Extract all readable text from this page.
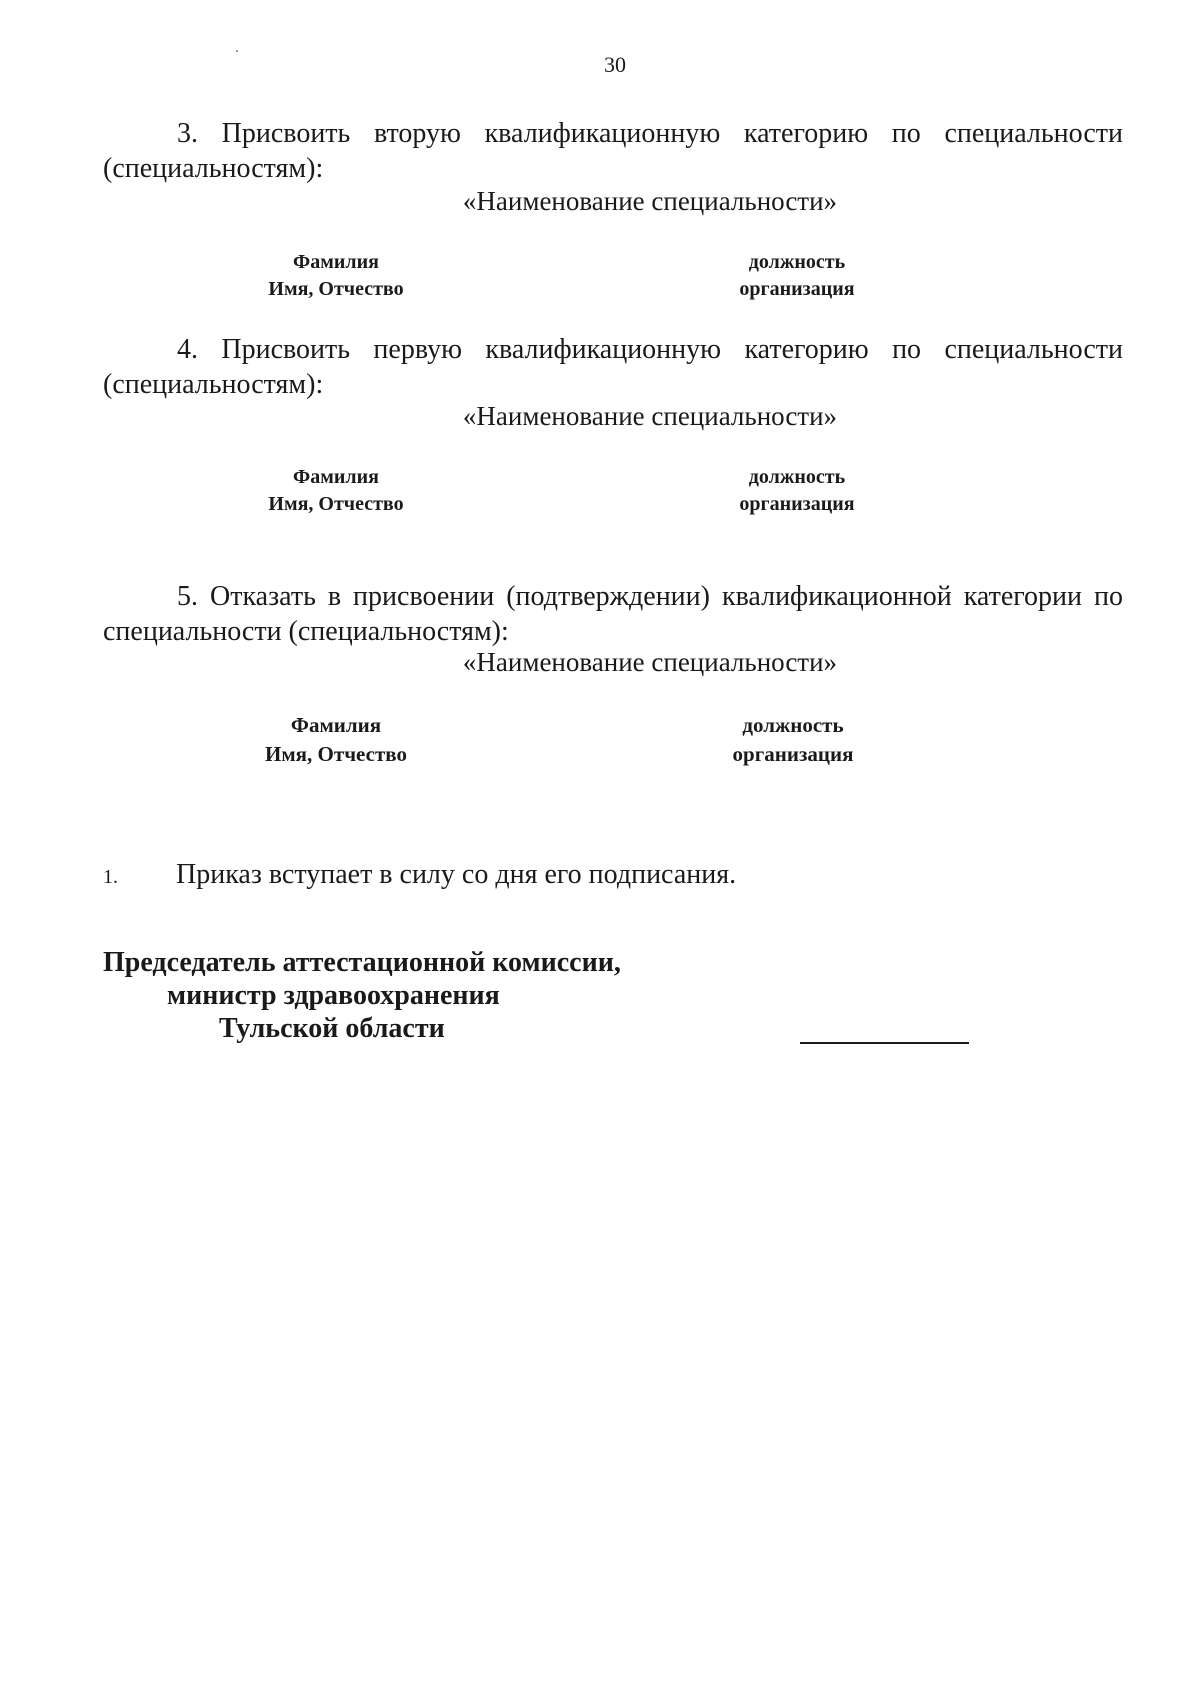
30
3. Присвоить вторую квалификационную категорию по специальности (специальностям):
«Наименование специальности»
Фамилия
Имя, Отчество
должность
организация
4. Присвоить первую квалификационную категорию по специальности (специальностям):
«Наименование специальности»
Фамилия
Имя, Отчество
должность
организация
5. Отказать в присвоении (подтверждении) квалификационной категории по специальности (специальностям):
«Наименование специальности»
Фамилия
Имя, Отчество
должность
организация
1. Приказ вступает в силу со дня его подписания.
Председатель аттестационной комиссии,
министр здравоохранения
Тульской области
